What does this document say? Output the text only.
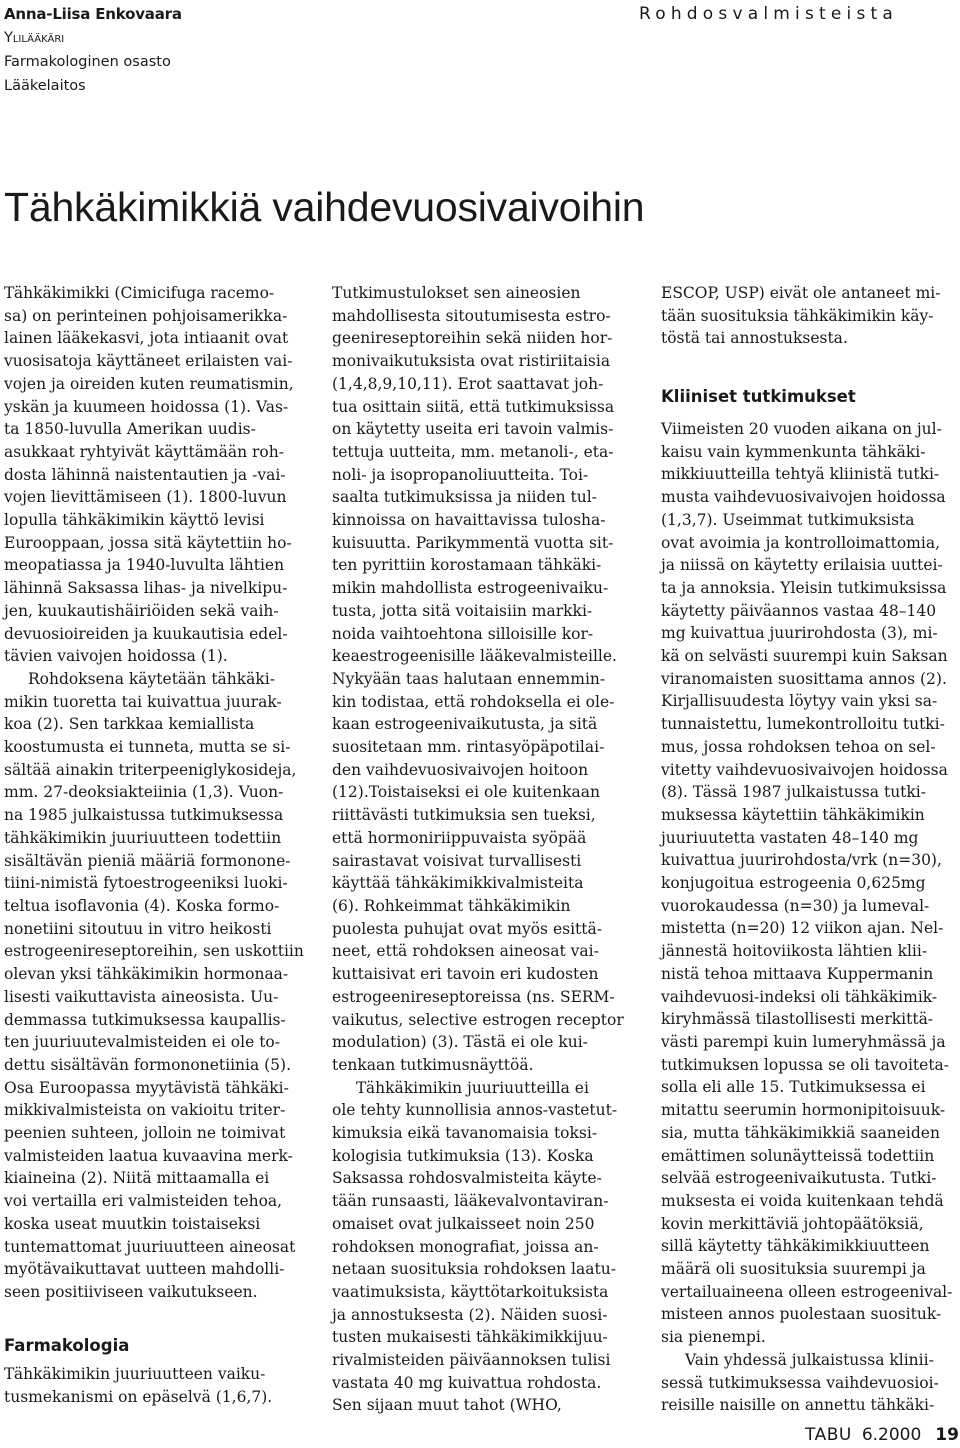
Anna-Liisa Enkovaara
Ylilääkäri
Farmakologinen osasto
Lääkelaitos
Rohdosvalmisteista
Tähkäkimikkiä vaihdevuosivaivoihin

Tähkäkimikki (Cimicifuga racemo-

sa) on perinteinen pohjoisamerikka-

lainen lääkekasvi, jota intiaanit ovat

vuosisatoja käyttäneet erilaisten vai-

vojen ja oireiden kuten reumatismin,

yskän ja kuumeen hoidossa (1). Vas-

ta 1850-luvulla Amerikan uudis-

asukkaat ryhtyivät käyttämään roh-

dosta lähinnä naistentautien ja -vai-

vojen lievittämiseen (1). 1800-luvun

lopulla tähkäkimikin käyttö levisi

Eurooppaan, jossa sitä käytettiin ho-

meopatiassa ja 1940-luvulta lähtien

lähinnä Saksassa lihas- ja nivelkipu-

jen, kuukautishäiriöiden sekä vaih-

devuosioireiden ja kuukautisia edel-

tävien vaivojen hoidossa (1).

Rohdoksena käytetään tähkäki-

mikin tuoretta tai kuivattua juurak-

koa (2). Sen tarkkaa kemiallista

koostumusta ei tunneta, mutta se si-

sältää ainakin triterpeeniglykosideja,

mm. 27-deoksiakteiinia (1,3). Vuon-

na 1985 julkaistussa tutkimuksessa

tähkäkimikin juuriuutteen todettiin

sisältävän pieniä määriä formonone-

tiini-nimistä fytoestrogeeniksi luoki-

teltua isoflavonia (4). Koska formo-

nonetiini sitoutuu in vitro heikosti

estrogeenireseptoreihin, sen uskottiin

olevan yksi tähkäkimikin hormonaa-

lisesti vaikuttavista aineosista. Uu-

demmassa tutkimuksessa kaupallis-

ten juuriuutevalmisteiden ei ole to-

dettu sisältävän formononetiinia (5).

Osa Euroopassa myytävistä tähkäki-

mikkivalmisteista on vakioitu triter-

peenien suhteen, jolloin ne toimivat

valmisteiden laatua kuvaavina merk-

kiaineina (2). Niitä mittaamalla ei

voi vertailla eri valmisteiden tehoa,

koska useat muutkin toistaiseksi

tuntemattomat juuriuutteen aineosat

myötävaikuttavat uutteen mahdolli-

seen positiiviseen vaikutukseen.

Farmakologia

Tähkäkimikin juuriuutteen vaiku-

tusmekanismi on epäselvä (1,6,7).

Tutkimustulokset sen aineosien

mahdollisesta sitoutumisesta estro-

geenireseptoreihin sekä niiden hor-

monivaikutuksista ovat ristiriitaisia

(1,4,8,9,10,11). Erot saattavat joh-

tua osittain siitä, että tutkimuksissa

on käytetty useita eri tavoin valmis-

tettuja uutteita, mm. metanoli-, eta-

noli- ja isopropanoliuutteita. Toi-

saalta tutkimuksissa ja niiden tul-

kinnoissa on havaittavissa tulosha-

kuisuutta. Parikymmentä vuotta sit-

ten pyrittiin korostamaan tähkäki-

mikin mahdollista estrogeenivaiku-

tusta, jotta sitä voitaisiin markki-

noida vaihtoehtona silloisille kor-

keaestrogeenisille lääkevalmisteille.

Nykyään taas halutaan ennemmin-

kin todistaa, että rohdoksella ei ole-

kaan estrogeenivaikutusta, ja sitä

suositetaan mm. rintasyöpäpotilai-

den vaihdevuosivaivojen hoitoon

(12).Toistaiseksi ei ole kuitenkaan

riittävästi tutkimuksia sen tueksi,

että hormoniriippuvaista syöpää

sairastavat voisivat turvallisesti

käyttää tähkäkimikkivalmisteita

(6). Rohkeimmat tähkäkimikin

puolesta puhujat ovat myös esittä-

neet, että rohdoksen aineosat vai-

kuttaisivat eri tavoin eri kudosten

estrogeenireseptoreissa (ns. SERM-

vaikutus, selective estrogen receptor

modulation) (3). Tästä ei ole kui-

tenkaan tutkimusnäyttöä.

Tähkäkimikin juuriuutteilla ei

ole tehty kunnollisia annos-vastetut-

kimuksia eikä tavanomaisia toksi-

kologisia tutkimuksia (13). Koska

Saksassa rohdosvalmisteita käyte-

tään runsaasti, lääkevalvontaviran-

omaiset ovat julkaisseet noin 250

rohdoksen monografiat, joissa an-

netaan suosituksia rohdoksen laatu-

vaatimuksista, käyttötarkoituksista

ja annostuksesta (2). Näiden suosi-

tusten mukaisesti tähkäkimikkijuu-

rivalmisteiden päiväannoksen tulisi

vastata 40 mg kuivattua rohdosta.

Sen sijaan muut tahot (WHO,

ESCOP, USP) eivät ole antaneet mi-

tään suosituksia tähkäkimikin käy-

töstä tai annostuksesta.

Kliiniset tutkimukset

Viimeisten 20 vuoden aikana on jul-

kaisu vain kymmenkunta tähkäki-

mikkiuutteilla tehtyä kliinistä tutki-

musta vaihdevuosivaivojen hoidossa

(1,3,7). Useimmat tutkimuksista

ovat avoimia ja kontrolloimattomia,

ja niissä on käytetty erilaisia uuttei-

ta ja annoksia. Yleisin tutkimuksissa

käytetty päiväannos vastaa 48–140

mg kuivattua juurirohdosta (3), mi-

kä on selvästi suurempi kuin Saksan

viranomaisten suosittama annos (2).

Kirjallisuudesta löytyy vain yksi sa-

tunnaistettu, lumekontrolloitu tutki-

mus, jossa rohdoksen tehoa on sel-

vitetty vaihdevuosivaivojen hoidossa

(8). Tässä 1987 julkaistussa tutki-

muksessa käytettiin tähkäkimikin

juuriuutetta vastaten 48–140 mg

kuivattua juurirohdosta/vrk (n=30),

konjugoitua estrogeenia 0,625mg

vuorokaudessa (n=30) ja lumeval-

mistetta (n=20) 12 viikon ajan. Nel-

jännestä hoitoviikosta lähtien klii-

nistä tehoa mittaava Kuppermanin

vaihdevuosi-indeksi oli tähkäkimik-

kiryhmässä tilastollisesti merkittä-

västi parempi kuin lumeryhmässä ja

tutkimuksen lopussa se oli tavoiteta-

solla eli alle 15. Tutkimuksessa ei

mitattu seerumin hormonipitoisuuk-

sia, mutta tähkäkimikkiä saaneiden

emättimen solunäytteissä todettiin

selvää estrogeenivaikutusta. Tutki-

muksesta ei voida kuitenkaan tehdä

kovin merkittäviä johtopäätöksiä,

sillä käytetty tähkäkimikkiuutteen

määrä oli suosituksia suurempi ja

vertailuaineena olleen estrogeenival-

misteen annos puolestaan suosituk-

sia pienempi.

Vain yhdessä julkaistussa klinii-

sessä tutkimuksessa vaihdevuosioi-

reisille naisille on annettu tähkäki-

TABU 6.2000 19
